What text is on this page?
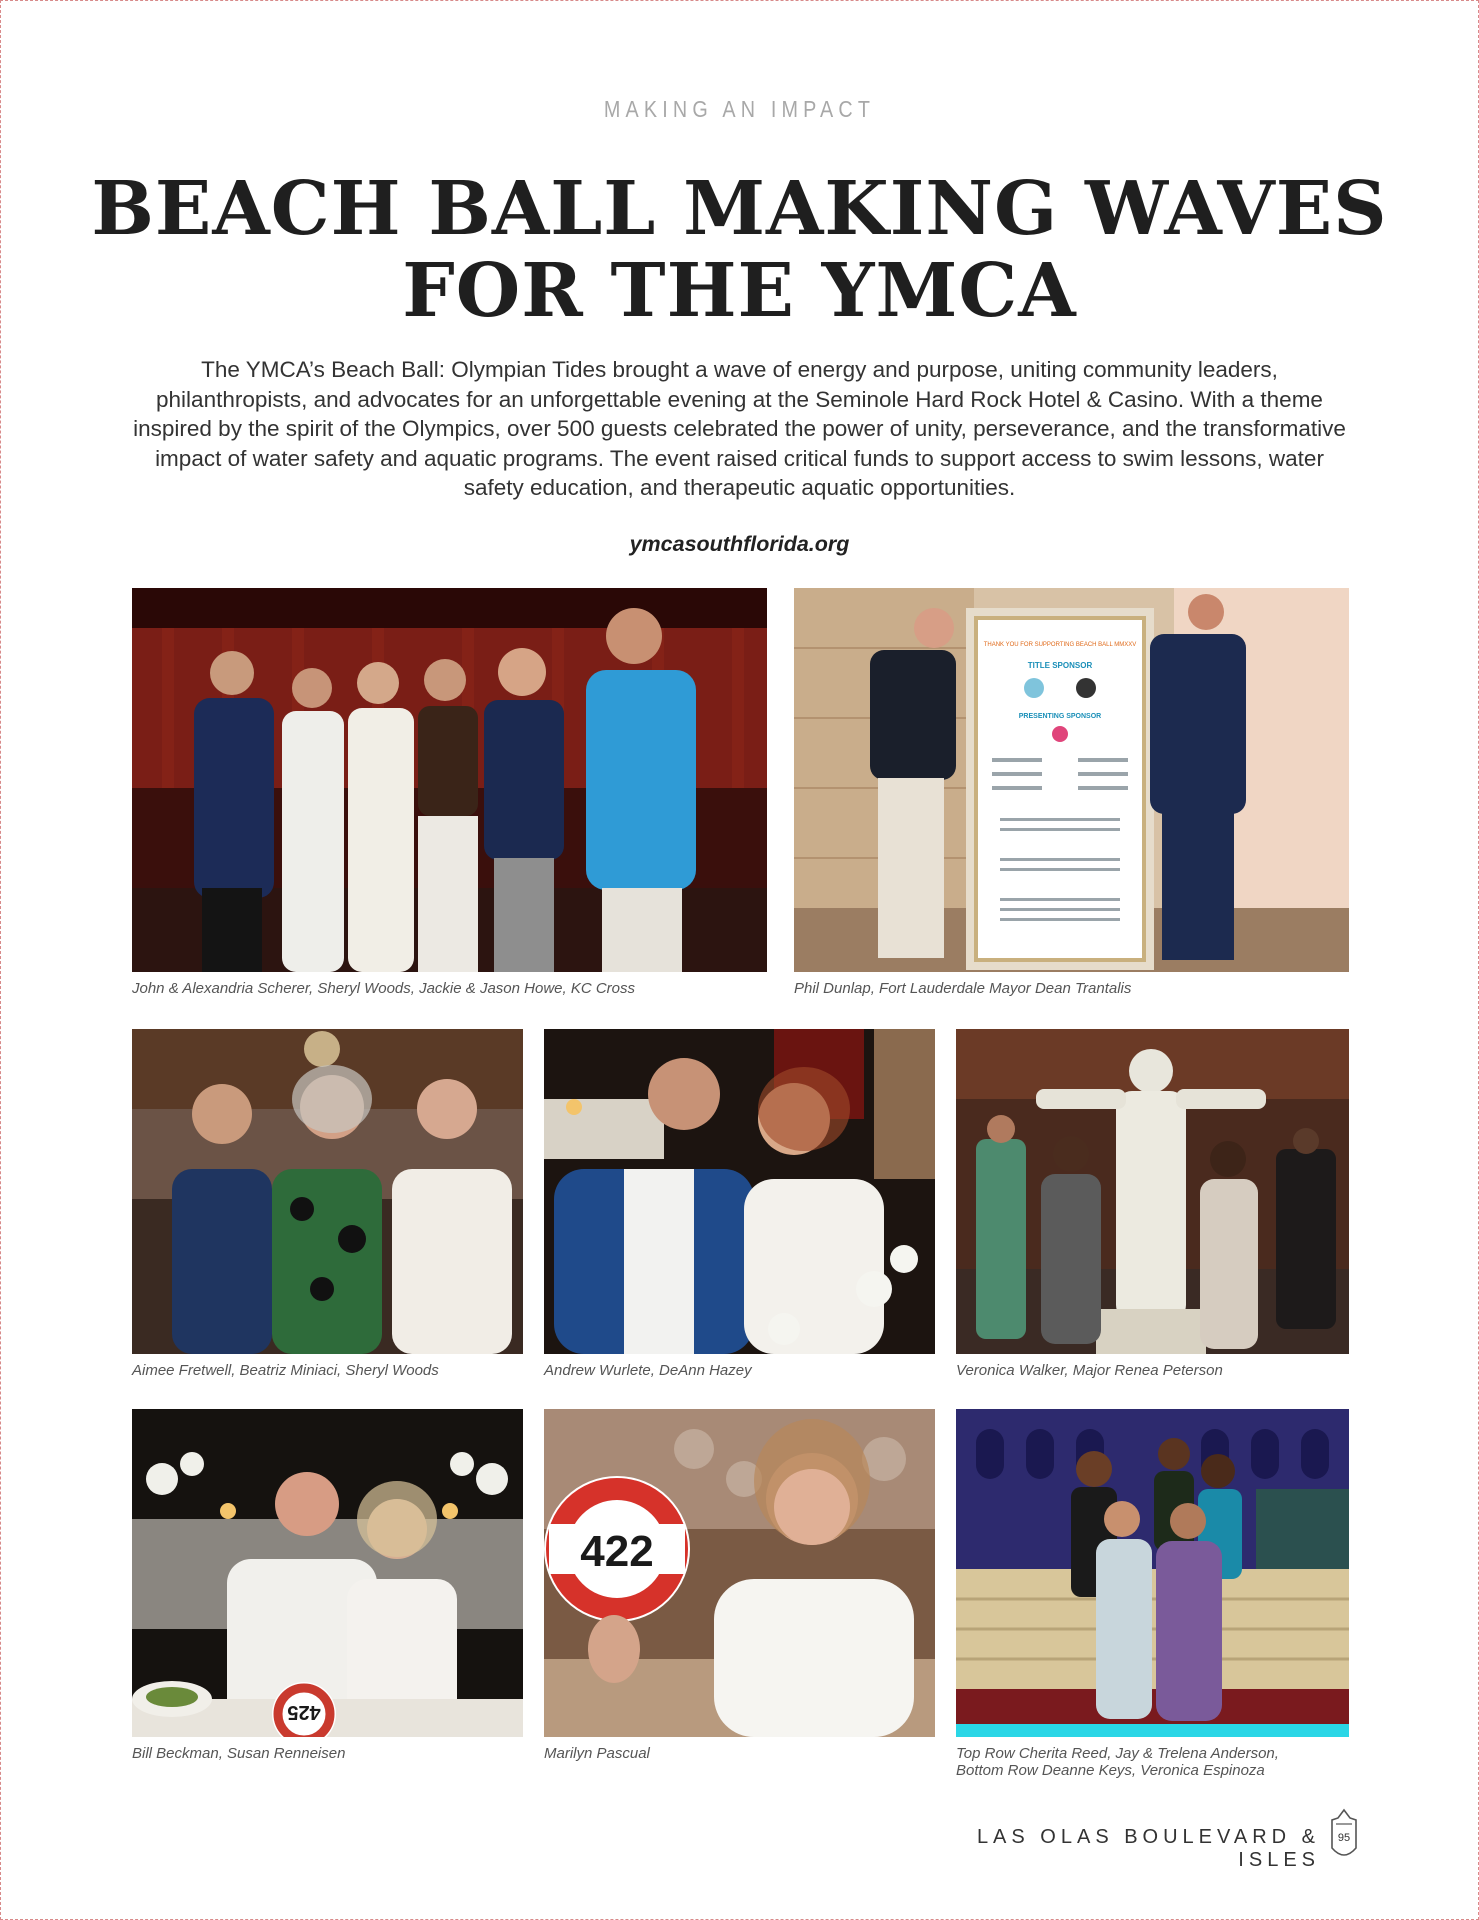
MAKING AN IMPACT
BEACH BALL MAKING WAVES
FOR THE YMCA

The YMCA’s Beach Ball: Olympian Tides brought a wave of energy and purpose, uniting community leaders, philanthropists, and advocates for an unforgettable evening at the Seminole Hard Rock Hotel & Casino. With a theme inspired by the spirit of the Olympics, over 500 guests celebrated the power of unity, perseverance, and the transformative impact of water safety and aquatic programs. The event raised critical funds to support access to swim lessons, water safety education, and therapeutic aquatic opportunities.

ymcasouthflorida.org
John & Alexandria Scherer, Sheryl Woods, Jackie & Jason Howe, KC Cross
THANK YOU FOR SUPPORTING BEACH BALL MMXXV
TITLE SPONSOR
PRESENTING SPONSOR
Phil Dunlap, Fort Lauderdale Mayor Dean Trantalis
Aimee Fretwell, Beatriz Miniaci, Sheryl Woods	Andrew Wurlete, DeAnn Hazey	Veronica Walker, Major Renea Peterson
425
Bill Beckman, Susan Renneisen
422
Marilyn Pascual	Top Row Cherita Reed, Jay & Trelena Anderson,
Bottom Row Deanne Keys, Veronica Espinoza
LAS OLAS BOULEVARD & ISLES
95
